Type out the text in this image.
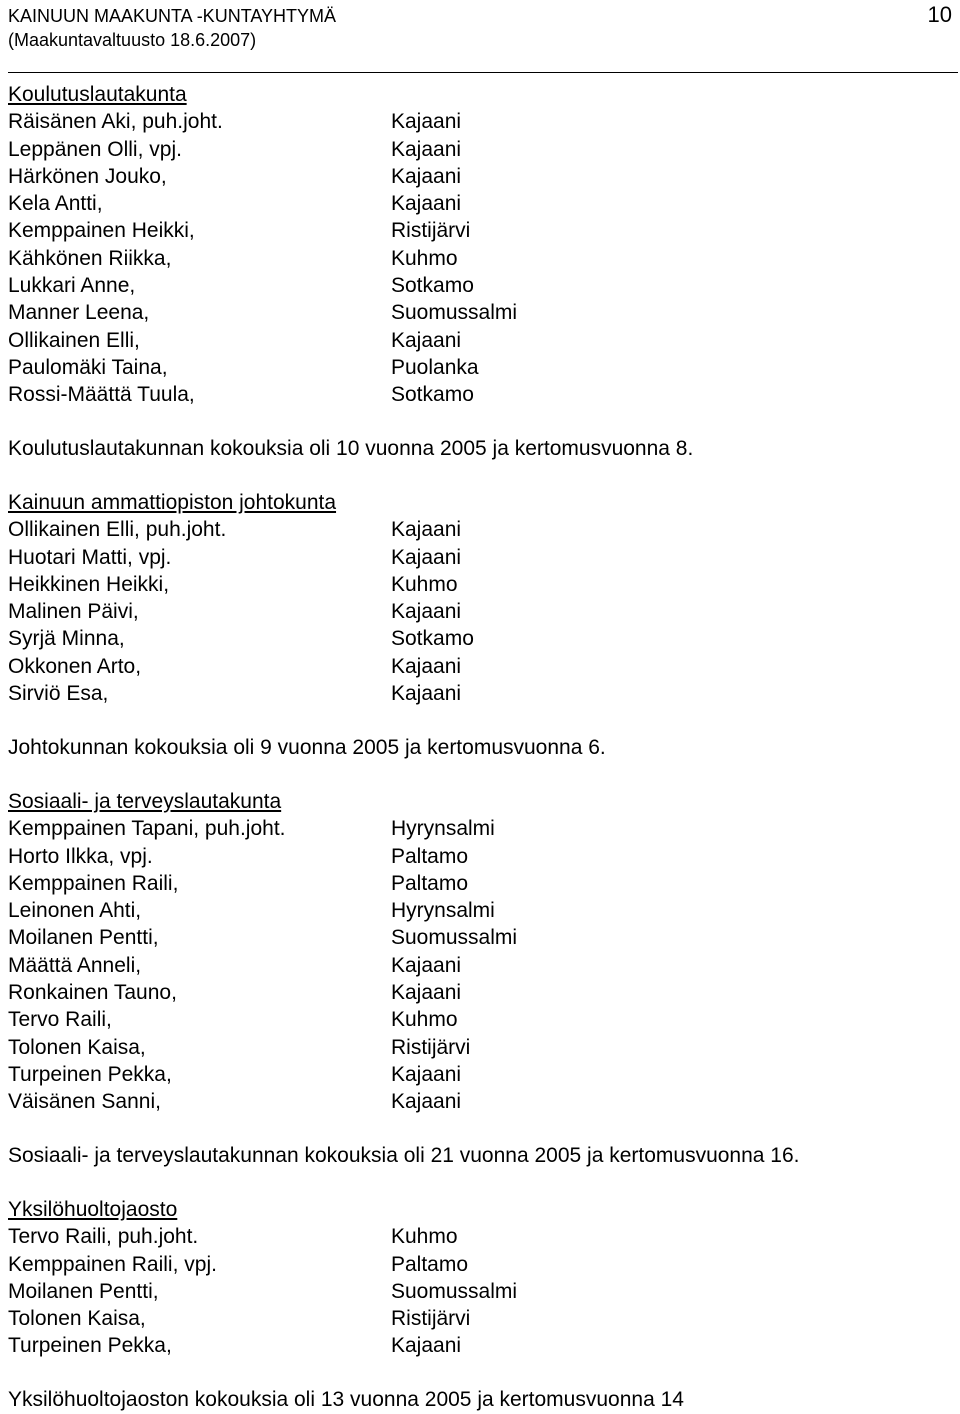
KAINUUN MAAKUNTA -KUNTAYHTYMÄ
(Maakuntavaltuusto 18.6.2007)
10
Koulutuslautakunta
Räisänen Aki, puh.joht.	Kajaani
Leppänen Olli, vpj.	Kajaani
Härkönen Jouko,	Kajaani
Kela Antti,	Kajaani
Kemppainen Heikki,	Ristijärvi
Kähkönen Riikka,	Kuhmo
Lukkari Anne,	Sotkamo
Manner Leena,	Suomussalmi
Ollikainen Elli,	Kajaani
Paulomäki Taina,	Puolanka
Rossi-Määttä Tuula,	Sotkamo
Koulutuslautakunnan kokouksia oli 10 vuonna 2005 ja kertomusvuonna 8.
Kainuun ammattiopiston johtokunta
Ollikainen Elli, puh.joht.	Kajaani
Huotari Matti, vpj.	Kajaani
Heikkinen Heikki,	Kuhmo
Malinen Päivi,	Kajaani
Syrjä Minna,	Sotkamo
Okkonen Arto,	Kajaani
Sirviö Esa,	Kajaani
Johtokunnan kokouksia oli 9 vuonna 2005 ja kertomusvuonna 6.
Sosiaali- ja terveyslautakunta
Kemppainen Tapani, puh.joht.	Hyrynsalmi
Horto Ilkka, vpj.	Paltamo
Kemppainen Raili,	Paltamo
Leinonen Ahti,	Hyrynsalmi
Moilanen Pentti,	Suomussalmi
Määttä Anneli,	Kajaani
Ronkainen Tauno,	Kajaani
Tervo Raili,	Kuhmo
Tolonen Kaisa,	Ristijärvi
Turpeinen Pekka,	Kajaani
Väisänen Sanni,	Kajaani
Sosiaali- ja terveyslautakunnan kokouksia oli 21 vuonna 2005 ja kertomusvuonna 16.
Yksilöhuoltojaosto
Tervo Raili, puh.joht.	Kuhmo
Kemppainen Raili, vpj.	Paltamo
Moilanen Pentti,	Suomussalmi
Tolonen Kaisa,	Ristijärvi
Turpeinen Pekka,	Kajaani
Yksilöhuoltojaoston kokouksia oli 13 vuonna 2005 ja kertomusvuonna 14
